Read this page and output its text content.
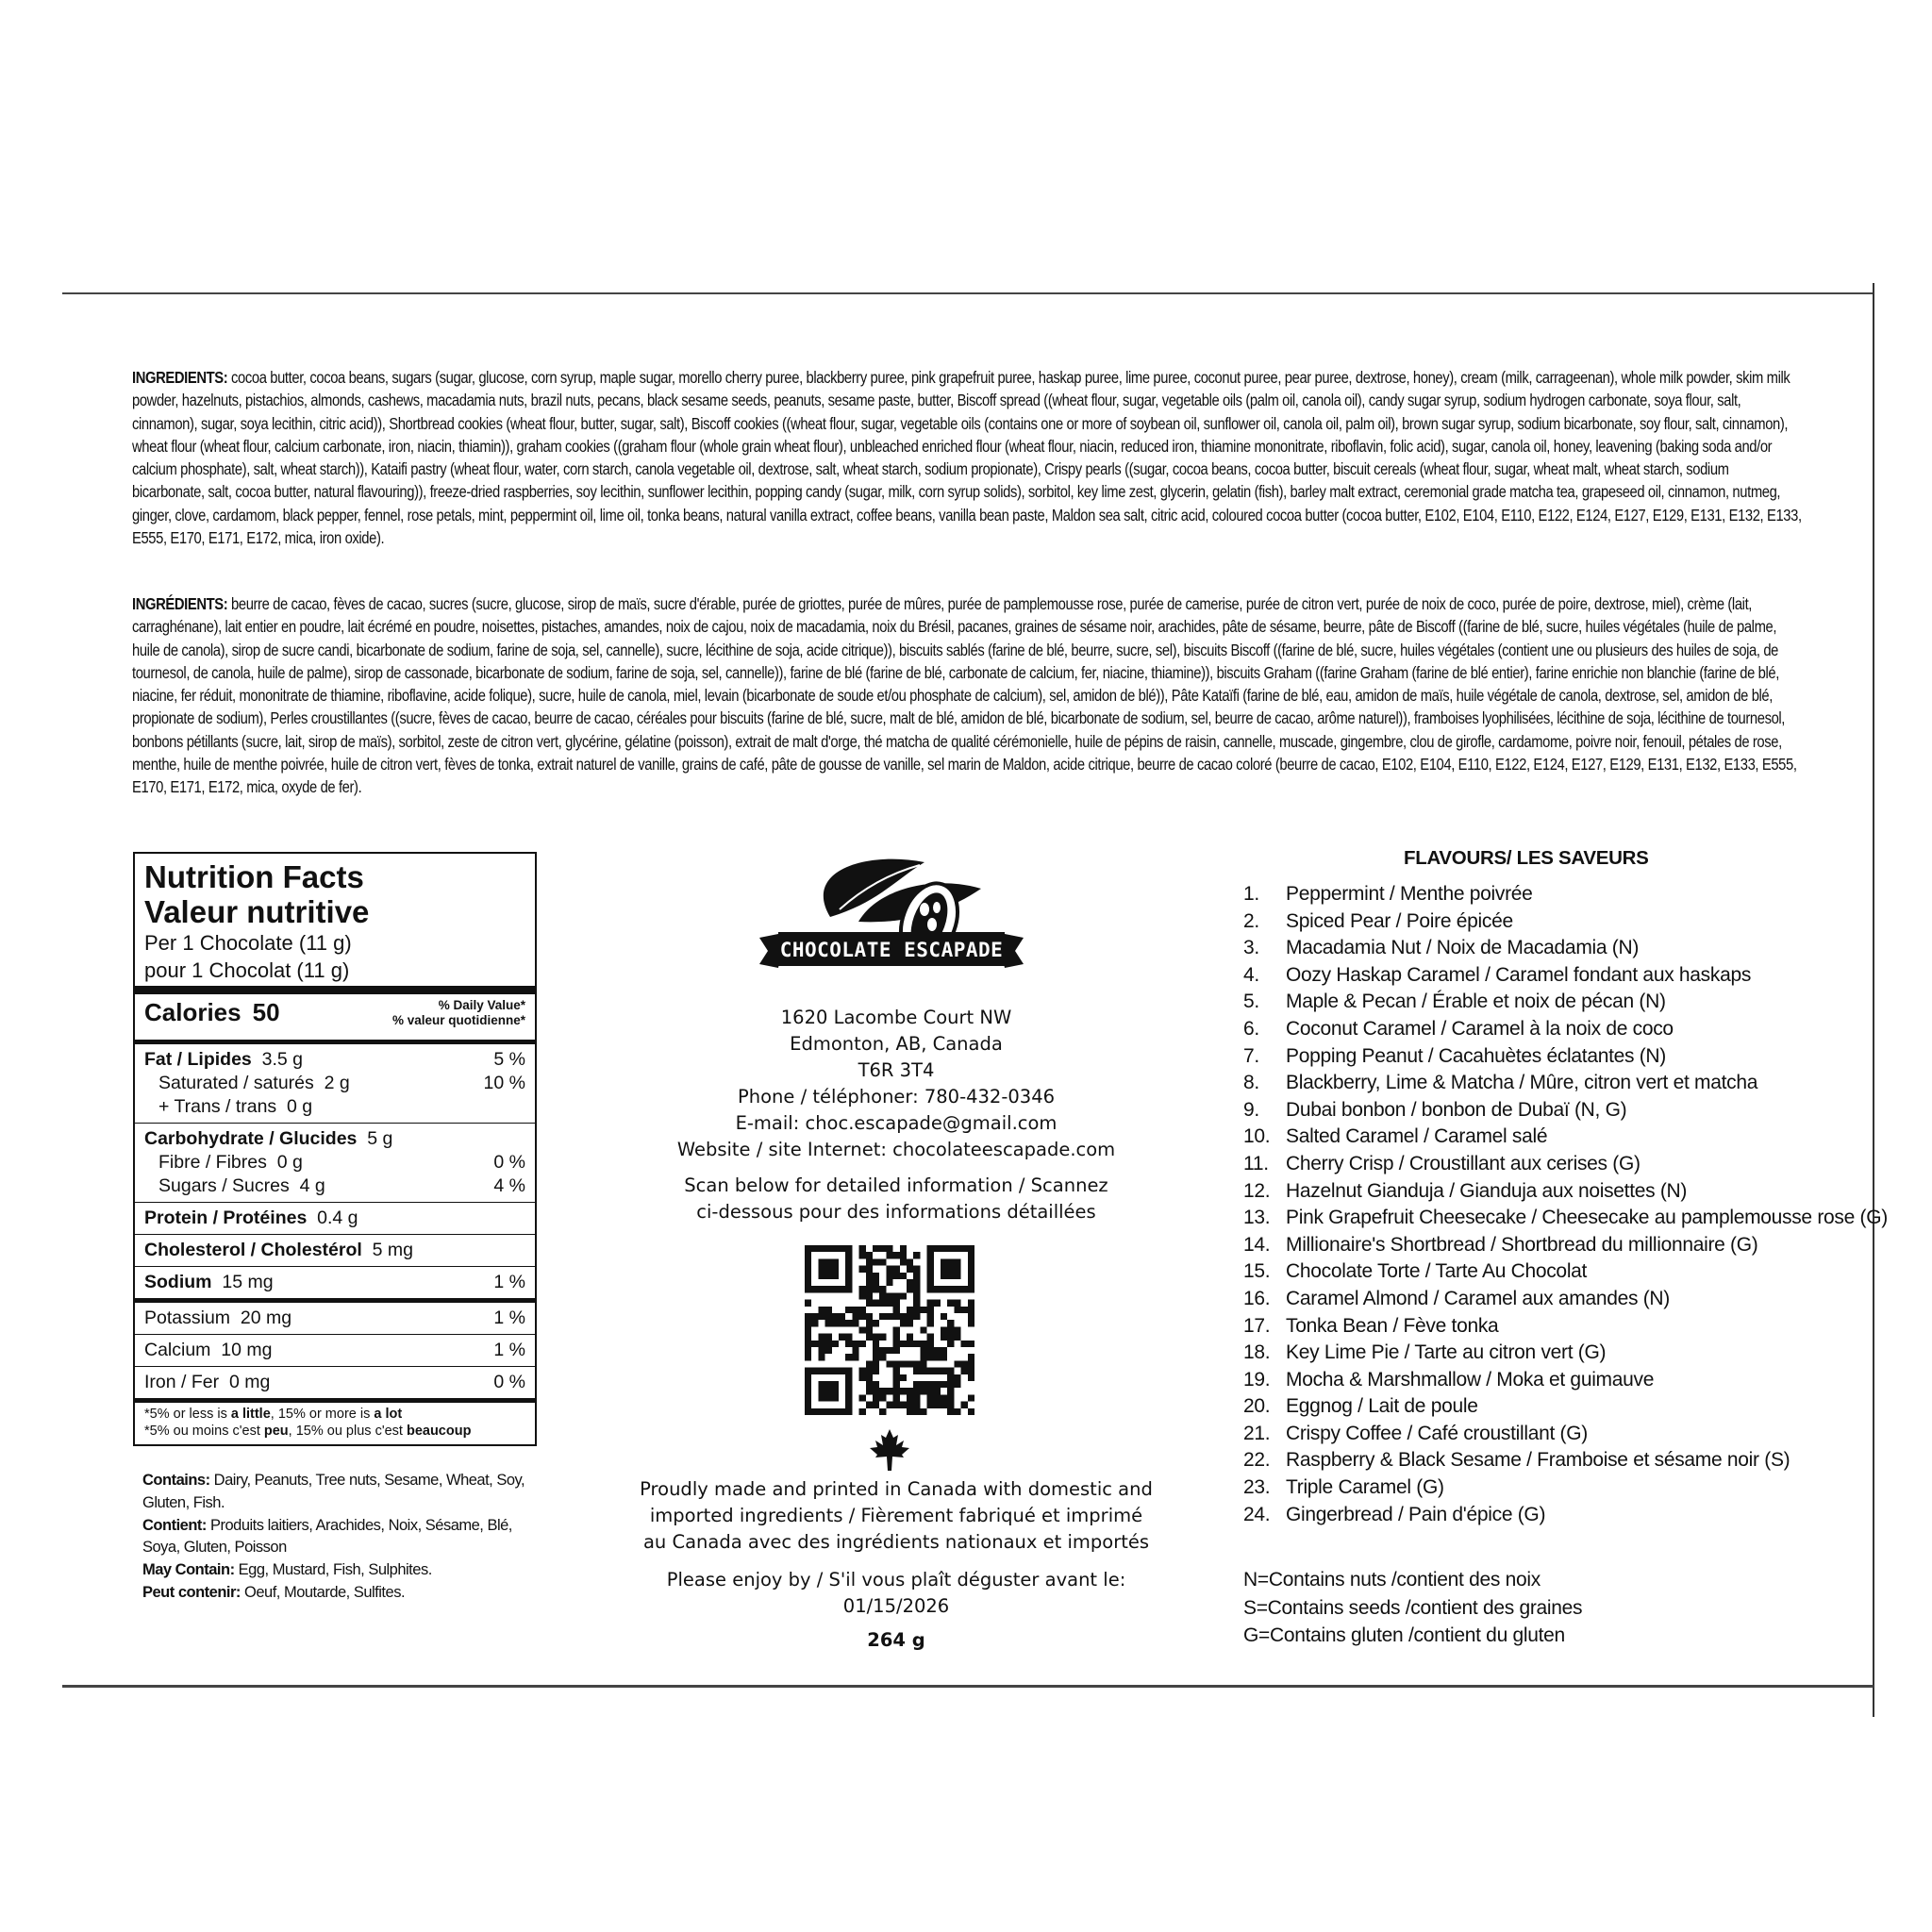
INGREDIENTS: cocoa butter, cocoa beans, sugars (sugar, glucose, corn syrup, maple sugar, morello cherry puree, blackberry puree, pink grapefruit puree, haskap puree, lime puree, coconut puree, pear puree, dextrose, honey), cream (milk, carrageenan), whole milk powder, skim milk powder, hazelnuts, pistachios, almonds, cashews, macadamia nuts, brazil nuts, pecans, black sesame seeds, peanuts, sesame paste, butter, Biscoff spread ((wheat flour, sugar, vegetable oils (palm oil, canola oil), candy sugar syrup, sodium hydrogen carbonate, soya flour, salt, cinnamon), sugar, soya lecithin, citric acid)), Shortbread cookies (wheat flour, butter, sugar, salt), Biscoff cookies ((wheat flour, sugar, vegetable oils (contains one or more of soybean oil, sunflower oil, canola oil, palm oil), brown sugar syrup, sodium bicarbonate, soy flour, salt, cinnamon), wheat flour (wheat flour, calcium carbonate, iron, niacin, thiamin)), graham cookies ((graham flour (whole grain wheat flour), unbleached enriched flour (wheat flour, niacin, reduced iron, thiamine mononitrate, riboflavin, folic acid), sugar, canola oil, honey, leavening (baking soda and/or calcium phosphate), salt, wheat starch)), Kataifi pastry (wheat flour, water, corn starch, canola vegetable oil, dextrose, salt, wheat starch, sodium propionate), Crispy pearls ((sugar, cocoa beans, cocoa butter, biscuit cereals (wheat flour, sugar, wheat malt, wheat starch, sodium bicarbonate, salt, cocoa butter, natural flavouring)), freeze-dried raspberries, soy lecithin, sunflower lecithin, popping candy (sugar, milk, corn syrup solids), sorbitol, key lime zest, glycerin, gelatin (fish), barley malt extract, ceremonial grade matcha tea, grapeseed oil, cinnamon, nutmeg, ginger, clove, cardamom, black pepper, fennel, rose petals, mint, peppermint oil, lime oil, tonka beans, natural vanilla extract, coffee beans, vanilla bean paste, Maldon sea salt, citric acid, coloured cocoa butter (cocoa butter, E102, E104, E110, E122, E124, E127, E129, E131, E132, E133, E555, E170, E171, E172, mica, iron oxide).
INGRÉDIENTS: beurre de cacao, fèves de cacao, sucres (sucre, glucose, sirop de maïs, sucre d'érable, purée de griottes, purée de mûres, purée de pamplemousse rose, purée de camerise, purée de citron vert, purée de noix de coco, purée de poire, dextrose, miel), crème (lait, carraghénane), lait entier en poudre, lait écrémé en poudre, noisettes, pistaches, amandes, noix de cajou, noix de macadamia, noix du Brésil, pacanes, graines de sésame noir, arachides, pâte de sésame, beurre, pâte de Biscoff ((farine de blé, sucre, huiles végétales (huile de palme, huile de canola), sirop de sucre candi, bicarbonate de sodium, farine de soja, sel, cannelle), sucre, lécithine de soja, acide citrique)), biscuits sablés (farine de blé, beurre, sucre, sel), biscuits Biscoff ((farine de blé, sucre, huiles végétales (contient une ou plusieurs des huiles de soja, de tournesol, de canola, huile de palme), sirop de cassonade, bicarbonate de sodium, farine de soja, sel, cannelle)), farine de blé (farine de blé, carbonate de calcium, fer, niacine, thiamine)), biscuits Graham ((farine Graham (farine de blé entier), farine enrichie non blanchie (farine de blé, niacine, fer réduit, mononitrate de thiamine, riboflavine, acide folique), sucre, huile de canola, miel, levain (bicarbonate de soude et/ou phosphate de calcium), sel, amidon de blé)), Pâte Kataïfi (farine de blé, eau, amidon de maïs, huile végétale de canola, dextrose, sel, amidon de blé, propionate de sodium), Perles croustillantes ((sucre, fèves de cacao, beurre de cacao, céréales pour biscuits (farine de blé, sucre, malt de blé, amidon de blé, bicarbonate de sodium, sel, beurre de cacao, arôme naturel)), framboises lyophilisées, lécithine de soja, lécithine de tournesol, bonbons pétillants (sucre, lait, sirop de maïs), sorbitol, zeste de citron vert, glycérine, gélatine (poisson), extrait de malt d'orge, thé matcha de qualité cérémonielle, huile de pépins de raisin, cannelle, muscade, gingembre, clou de girofle, cardamome, poivre noir, fenouil, pétales de rose, menthe, huile de menthe poivrée, huile de citron vert, fèves de tonka, extrait naturel de vanille, grains de café, pâte de gousse de vanille, sel marin de Maldon, acide citrique, beurre de cacao coloré (beurre de cacao, E102, E104, E110, E122, E124, E127, E129, E131, E132, E133, E555, E170, E171, E172, mica, oxyde de fer).
Nutrition Facts
Valeur nutritive
Per 1 Chocolate (11 g)
pour 1 Chocolat (11 g)
Calories 50	% Daily Value*
% valeur quotidienne*
Fat / Lipides 3.5 g	5 %
Saturated / saturés 2 g	10 %
+ Trans / trans 0 g
Carbohydrate / Glucides 5 g
Fibre / Fibres 0 g	0 %
Sugars / Sucres 4 g	4 %
Protein / Protéines 0.4 g
Cholesterol / Cholestérol 5 mg
Sodium 15 mg	1 %
Potassium 20 mg	1 %
Calcium 10 mg	1 %
Iron / Fer 0 mg	0 %
*5% or less is a little, 15% or more is a lot
*5% ou moins c'est peu, 15% ou plus c'est beaucoup
Contains: Dairy, Peanuts, Tree nuts, Sesame, Wheat, Soy, Gluten, Fish.
Contient: Produits laitiers, Arachides, Noix, Sésame, Blé, Soya, Gluten, Poisson
May Contain: Egg, Mustard, Fish, Sulphites.
Peut contenir: Oeuf, Moutarde, Sulfites.
CHOCOLATE ESCAPADE
1620 Lacombe Court NW
Edmonton, AB, Canada
T6R 3T4
Phone / téléphoner: 780-432-0346
E-mail: choc.escapade@gmail.com
Website / site Internet: chocolateescapade.com
Scan below for detailed information / Scannez
ci-dessous pour des informations détaillées
Proudly made and printed in Canada with domestic and
imported ingredients / Fièrement fabriqué et imprimé
au Canada avec des ingrédients nationaux et importés
Please enjoy by / S'il vous plaît déguster avant le:
01/15/2026
264 g
FLAVOURS/ LES SAVEURS
1.	Peppermint / Menthe poivrée
2.	Spiced Pear / Poire épicée
3.	Macadamia Nut / Noix de Macadamia (N)
4.	Oozy Haskap Caramel / Caramel fondant aux haskaps
5.	Maple & Pecan / Érable et noix de pécan (N)
6.	Coconut Caramel / Caramel à la noix de coco
7.	Popping Peanut / Cacahuètes éclatantes (N)
8.	Blackberry, Lime & Matcha / Mûre, citron vert et matcha
9.	Dubai bonbon / bonbon de Dubaï (N, G)
10. Salted Caramel / Caramel salé
11. Cherry Crisp / Croustillant aux cerises (G)
12. Hazelnut Gianduja / Gianduja aux noisettes (N)
13. Pink Grapefruit Cheesecake / Cheesecake au pamplemousse rose (G)
14. Millionaire's Shortbread / Shortbread du millionnaire (G)
15. Chocolate Torte / Tarte Au Chocolat
16. Caramel Almond / Caramel aux amandes (N)
17. Tonka Bean / Fève tonka
18. Key Lime Pie / Tarte au citron vert (G)
19. Mocha & Marshmallow / Moka et guimauve
20. Eggnog / Lait de poule
21. Crispy Coffee / Café croustillant (G)
22. Raspberry & Black Sesame / Framboise et sésame noir (S)
23. Triple Caramel (G)
24. Gingerbread / Pain d'épice (G)
N=Contains nuts /contient des noix
S=Contains seeds /contient des graines
G=Contains gluten /contient du gluten
